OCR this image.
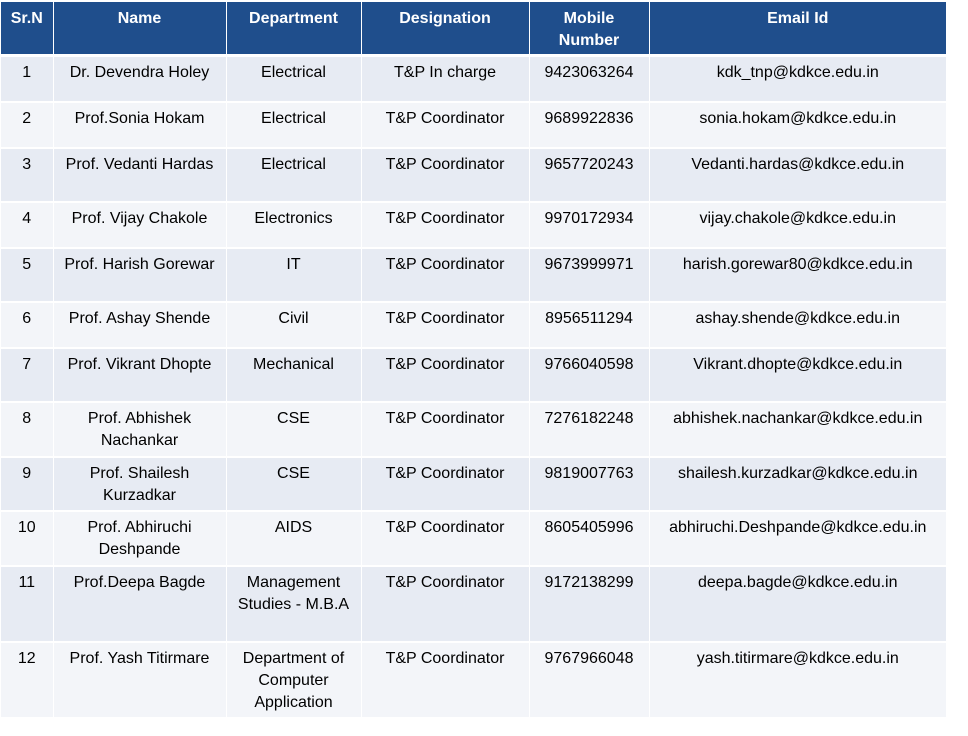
Sr.N	Name	Department	Designation	Mobile Number	Email Id
1	Dr. Devendra Holey	Electrical	T&P In charge	9423063264	kdk_tnp@kdkce.edu.in
2	Prof.Sonia Hokam	Electrical	T&P Coordinator	9689922836	sonia.hokam@kdkce.edu.in
3	Prof. Vedanti Hardas	Electrical	T&P Coordinator	9657720243	Vedanti.hardas@kdkce.edu.in
4	Prof. Vijay Chakole	Electronics	T&P Coordinator	9970172934	vijay.chakole@kdkce.edu.in
5	Prof. Harish Gorewar	IT	T&P Coordinator	9673999971	harish.gorewar80@kdkce.edu.in
6	Prof. Ashay Shende	Civil	T&P Coordinator	8956511294	ashay.shende@kdkce.edu.in
7	Prof. Vikrant Dhopte	Mechanical	T&P Coordinator	9766040598	Vikrant.dhopte@kdkce.edu.in
8	Prof. Abhishek Nachankar	CSE	T&P Coordinator	7276182248	abhishek.nachankar@kdkce.edu.in
9	Prof. Shailesh Kurzadkar	CSE	T&P Coordinator	9819007763	shailesh.kurzadkar@kdkce.edu.in
10	Prof. Abhiruchi Deshpande	AIDS	T&P Coordinator	8605405996	abhiruchi.Deshpande@kdkce.edu.in
11	Prof.Deepa Bagde	Management Studies - M.B.A	T&P Coordinator	9172138299	deepa.bagde@kdkce.edu.in
12	Prof. Yash Titirmare	Department of Computer Application	T&P Coordinator	9767966048	yash.titirmare@kdkce.edu.in
